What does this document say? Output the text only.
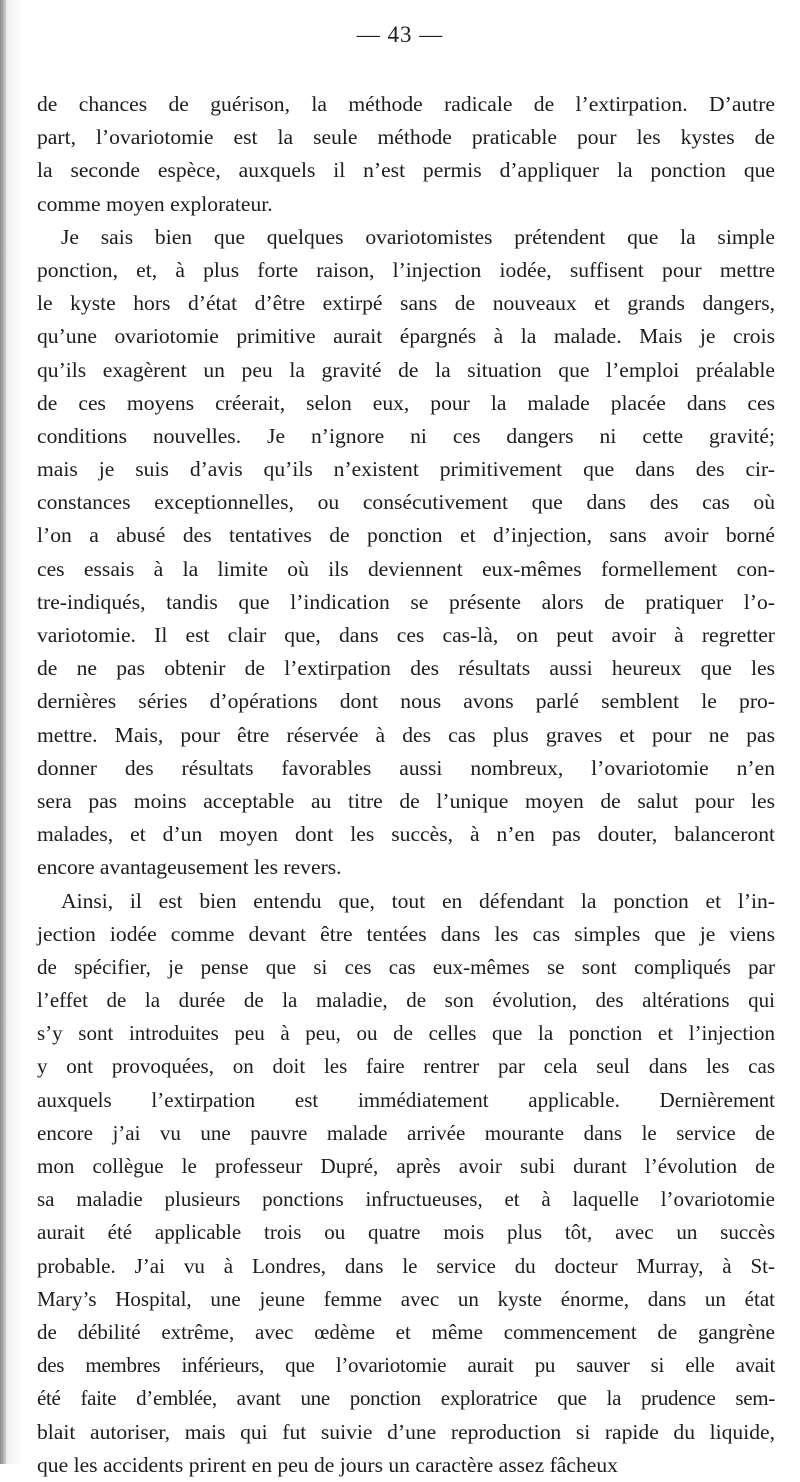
— 43 —
de chances de guérison, la méthode radicale de l’extirpation. D’autre
part, l’ovariotomie est la seule méthode praticable pour les kystes de
la seconde espèce, auxquels il n’est permis d’appliquer la ponction que
comme moyen explorateur.
Je sais bien que quelques ovariotomistes prétendent que la simple
ponction, et, à plus forte raison, l’injection iodée, suffisent pour mettre
le kyste hors d’état d’être extirpé sans de nouveaux et grands dangers,
qu’une ovariotomie primitive aurait épargnés à la malade. Mais je crois
qu’ils exagèrent un peu la gravité de la situation que l’emploi préalable
de ces moyens créerait, selon eux, pour la malade placée dans ces
conditions nouvelles. Je n’ignore ni ces dangers ni cette gravité;
mais je suis d’avis qu’ils n’existent primitivement que dans des cir-
constances exceptionnelles, ou consécutivement que dans des cas où
l’on a abusé des tentatives de ponction et d’injection, sans avoir borné
ces essais à la limite où ils deviennent eux-mêmes formellement con-
tre-indiqués, tandis que l’indication se présente alors de pratiquer l’o-
variotomie. Il est clair que, dans ces cas-là, on peut avoir à regretter
de ne pas obtenir de l’extirpation des résultats aussi heureux que les
dernières séries d’opérations dont nous avons parlé semblent le pro-
mettre. Mais, pour être réservée à des cas plus graves et pour ne pas
donner des résultats favorables aussi nombreux, l’ovariotomie n’en
sera pas moins acceptable au titre de l’unique moyen de salut pour les
malades, et d’un moyen dont les succès, à n’en pas douter, balanceront
encore avantageusement les revers.
Ainsi, il est bien entendu que, tout en défendant la ponction et l’in-
jection iodée comme devant être tentées dans les cas simples que je viens
de spécifier, je pense que si ces cas eux-mêmes se sont compliqués par
l’effet de la durée de la maladie, de son évolution, des altérations qui
s’y sont introduites peu à peu, ou de celles que la ponction et l’injection
y ont provoquées, on doit les faire rentrer par cela seul dans les cas
auxquels l’extirpation est immédiatement applicable. Dernièrement
encore j’ai vu une pauvre malade arrivée mourante dans le service de
mon collègue le professeur Dupré, après avoir subi durant l’évolution de
sa maladie plusieurs ponctions infructueuses, et à laquelle l’ovariotomie
aurait été applicable trois ou quatre mois plus tôt, avec un succès
probable. J’ai vu à Londres, dans le service du docteur Murray, à St-
Mary’s Hospital, une jeune femme avec un kyste énorme, dans un état
de débilité extrême, avec œdème et même commencement de gangrène
des membres inférieurs, que l’ovariotomie aurait pu sauver si elle avait
été faite d’emblée, avant une ponction exploratrice que la prudence sem-
blait autoriser, mais qui fut suivie d’une reproduction si rapide du liquide,
que les accidents prirent en peu de jours un caractère assez fâcheux
